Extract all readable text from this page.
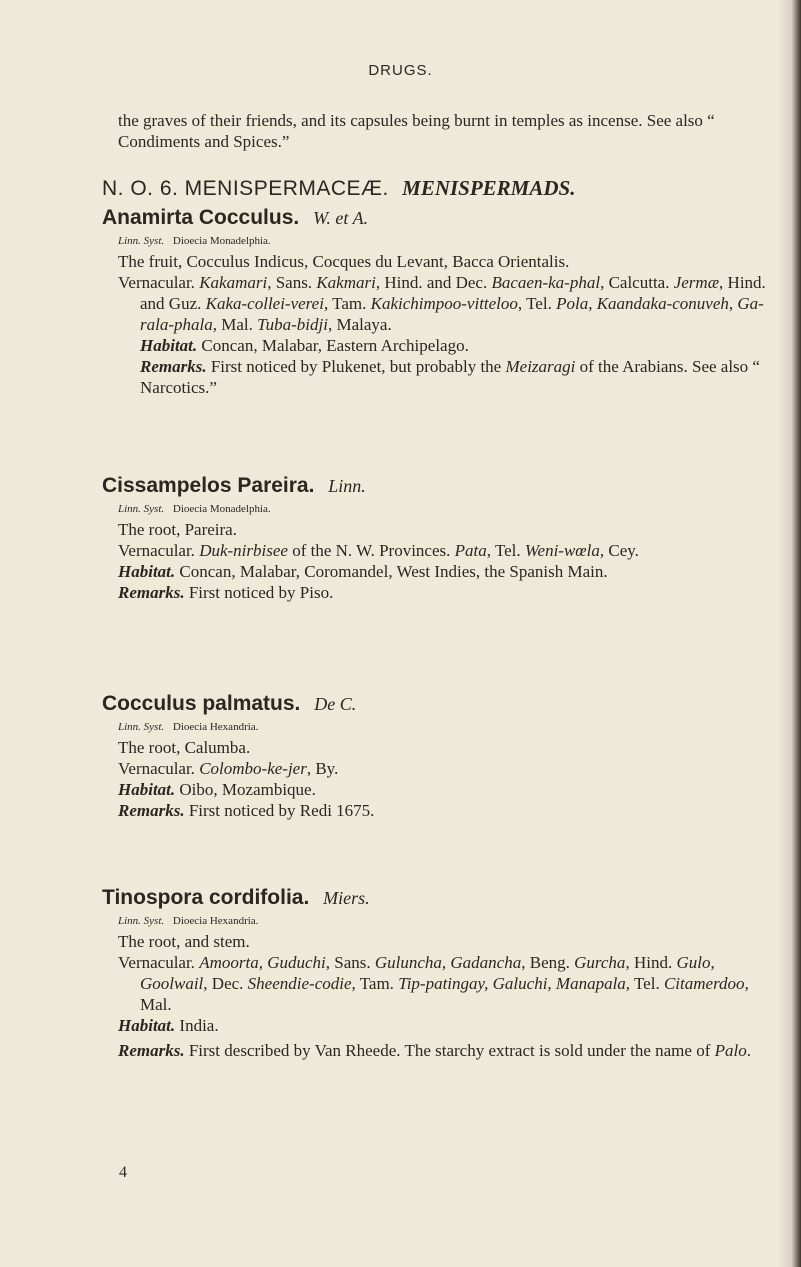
DRUGS.
the graves of their friends, and its capsules being burnt in temples as incense. See also “ Condiments and Spices.”
N. O. 6. MENISPERMACEÆ. MENISPERMADS.
Anamirta Cocculus. W. et A.
Linn. Syst. Dioecia Monadelphia.
The fruit, Cocculus Indicus, Cocques du Levant, Bacca Orientalis.
Vernacular. Kakamari, Sans. Kakmari, Hind. and Dec. Bacaen-ka-phal, Calcutta. Jermæ, Hind. and Guz. Kaka-collei-verei, Tam. Kakichimpoo-vitteloo, Tel. Pola, Kaandaka-conuveh, Ga-rala-phala, Mal. Tuba-bidji, Malaya.
Habitat. Concan, Malabar, Eastern Archipelago.
Remarks. First noticed by Plukenet, but probably the Meizaragi of the Arabians. See also “ Narcotics.”
Cissampelos Pareira. Linn.
Linn. Syst. Dioecia Monadelphia.
The root, Pareira.
Vernacular. Duk-nirbisee of the N. W. Provinces. Pata, Tel. Weni-wœla, Cey.
Habitat. Concan, Malabar, Coromandel, West Indies, the Spanish Main.
Remarks. First noticed by Piso.
Cocculus palmatus. De C.
Linn. Syst. Dioecia Hexandria.
The root, Calumba.
Vernacular. Colombo-ke-jer, By.
Habitat. Oibo, Mozambique.
Remarks. First noticed by Redi 1675.
Tinospora cordifolia. Miers.
Linn. Syst. Dioecia Hexandria.
The root, and stem.
Vernacular. Amoorta, Guduchi, Sans. Guluncha, Gadancha, Beng. Gurcha, Hind. Gulo, Goolwail, Dec. Sheendie-codie, Tam. Tip-patingay, Galuchi, Manapala, Tel. Citamerdoo, Mal.
Habitat. India.
Remarks. First described by Van Rheede. The starchy extract is sold under the name of Palo.
4
